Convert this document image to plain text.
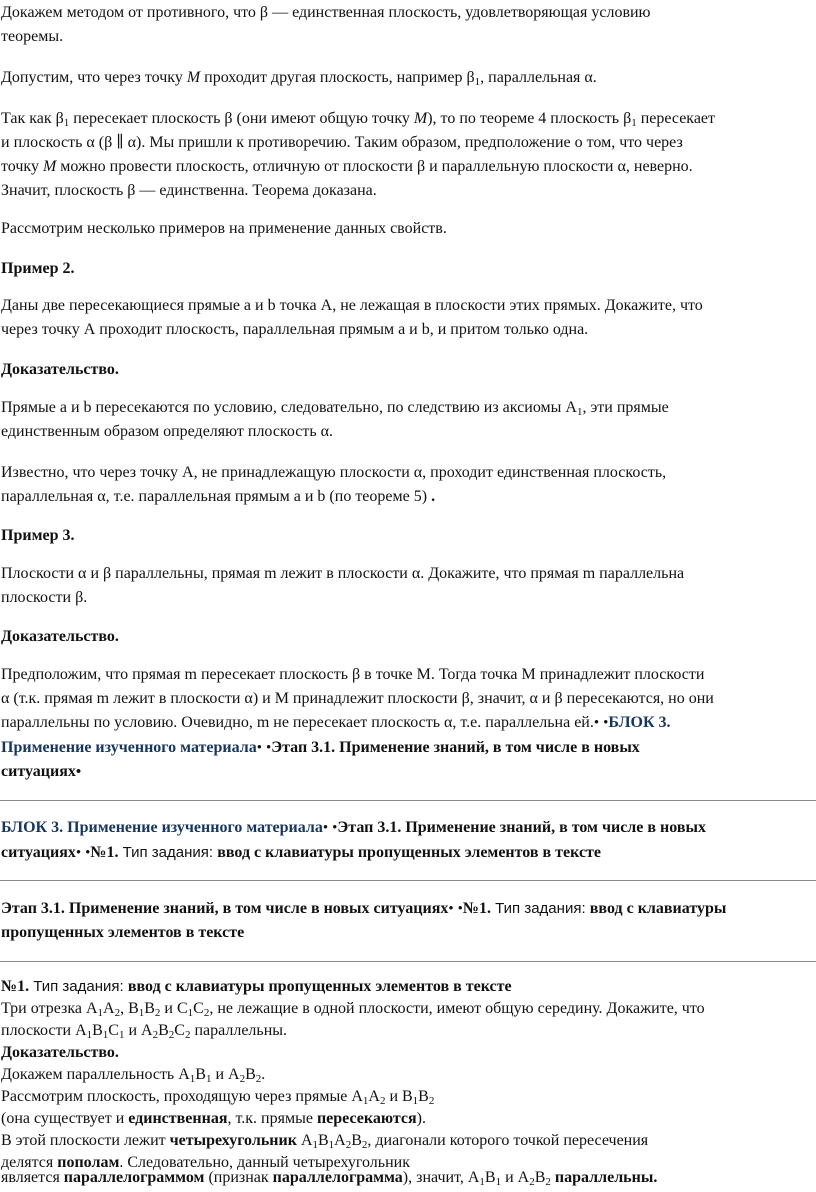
Докажем методом от противного, что β — единственная плоскость, удовлетворяющая условию
теоремы.
Допустим, что через точку M проходит другая плоскость, например $\beta_1$, параллельная α.
Так как $\beta_1$ пересекает плоскость β (они имеют общую точку M), то по теореме 4 плоскость $\beta_1$ пересекает
и плоскость α (β ∥ α). Мы пришли к противоречию. Таким образом, предположение о том, что через
точку M можно провести плоскость, отличную от плоскости β и параллельную плоскости α, неверно.
Значит, плоскость β — единственна. Теорема доказана.
Рассмотрим несколько примеров на применение данных свойств.
Пример 2.
Даны две пересекающиеся прямые а и b точка А, не лежащая в плоскости этих прямых. Докажите, что
через точку А проходит плоскость, параллельная прямым а и b, и притом только одна.
Доказательство.
Прямые а и b пересекаются по условию, следовательно, по следствию из аксиомы $А_1$, эти прямые
единственным образом определяют плоскость α.
Известно, что через точку А, не принадлежащую плоскости α, проходит единственная плоскость,
параллельная α, т.е. параллельная прямым а и b (по теореме 5) .
Пример 3.
Плоскости α и β параллельны, прямая m лежит в плоскости α. Докажите, что прямая m параллельна
плоскости β.
Доказательство.
Предположим, что прямая m пересекает плоскость β в точке М. Тогда точка М принадлежит плоскости
α (т.к. прямая m лежит в плоскости α) и М принадлежит плоскости β, значит, α и β пересекаются, но они
параллельны по условию. Очевидно, m не пересекает плоскость α, т.е. параллельна ей.• •БЛОК 3.
Применение изученного материала• •Этап 3.1. Применение знаний, в том числе в новых
ситуациях•
БЛОК 3. Применение изученного материала• •Этап 3.1. Применение знаний, в том числе в новых
ситуациях• •№1. Тип задания: ввод с клавиатуры пропущенных элементов в тексте
Этап 3.1. Применение знаний, в том числе в новых ситуациях• •№1. Тип задания: ввод с клавиатуры
пропущенных элементов в тексте
№1. Тип задания: ввод с клавиатуры пропущенных элементов в тексте
Три отрезка $А_1А_2$, $В_1В_2$ и $С_1С_2$, не лежащие в одной плоскости, имеют общую середину. Докажите, что
плоскости $А_1В_1С_1$ и $А_2В_2С_2$ параллельны.
Доказательство.
Докажем параллельность $А_1В_1$ и $А_2В_2$.
Рассмотрим плоскость, проходящую через прямые $А_1А_2$ и $В_1В_2$
(она существует и единственная, т.к. прямые пересекаются).
В этой плоскости лежит четырехугольник $А_1В_1А_2В_2$, диагонали которого точкой пересечения
делятся пополам. Следовательно, данный четырехугольник
является параллелограммом (признак параллелограмма), значит, $А_1В_1$ и $А_2В_2$ параллельны.
